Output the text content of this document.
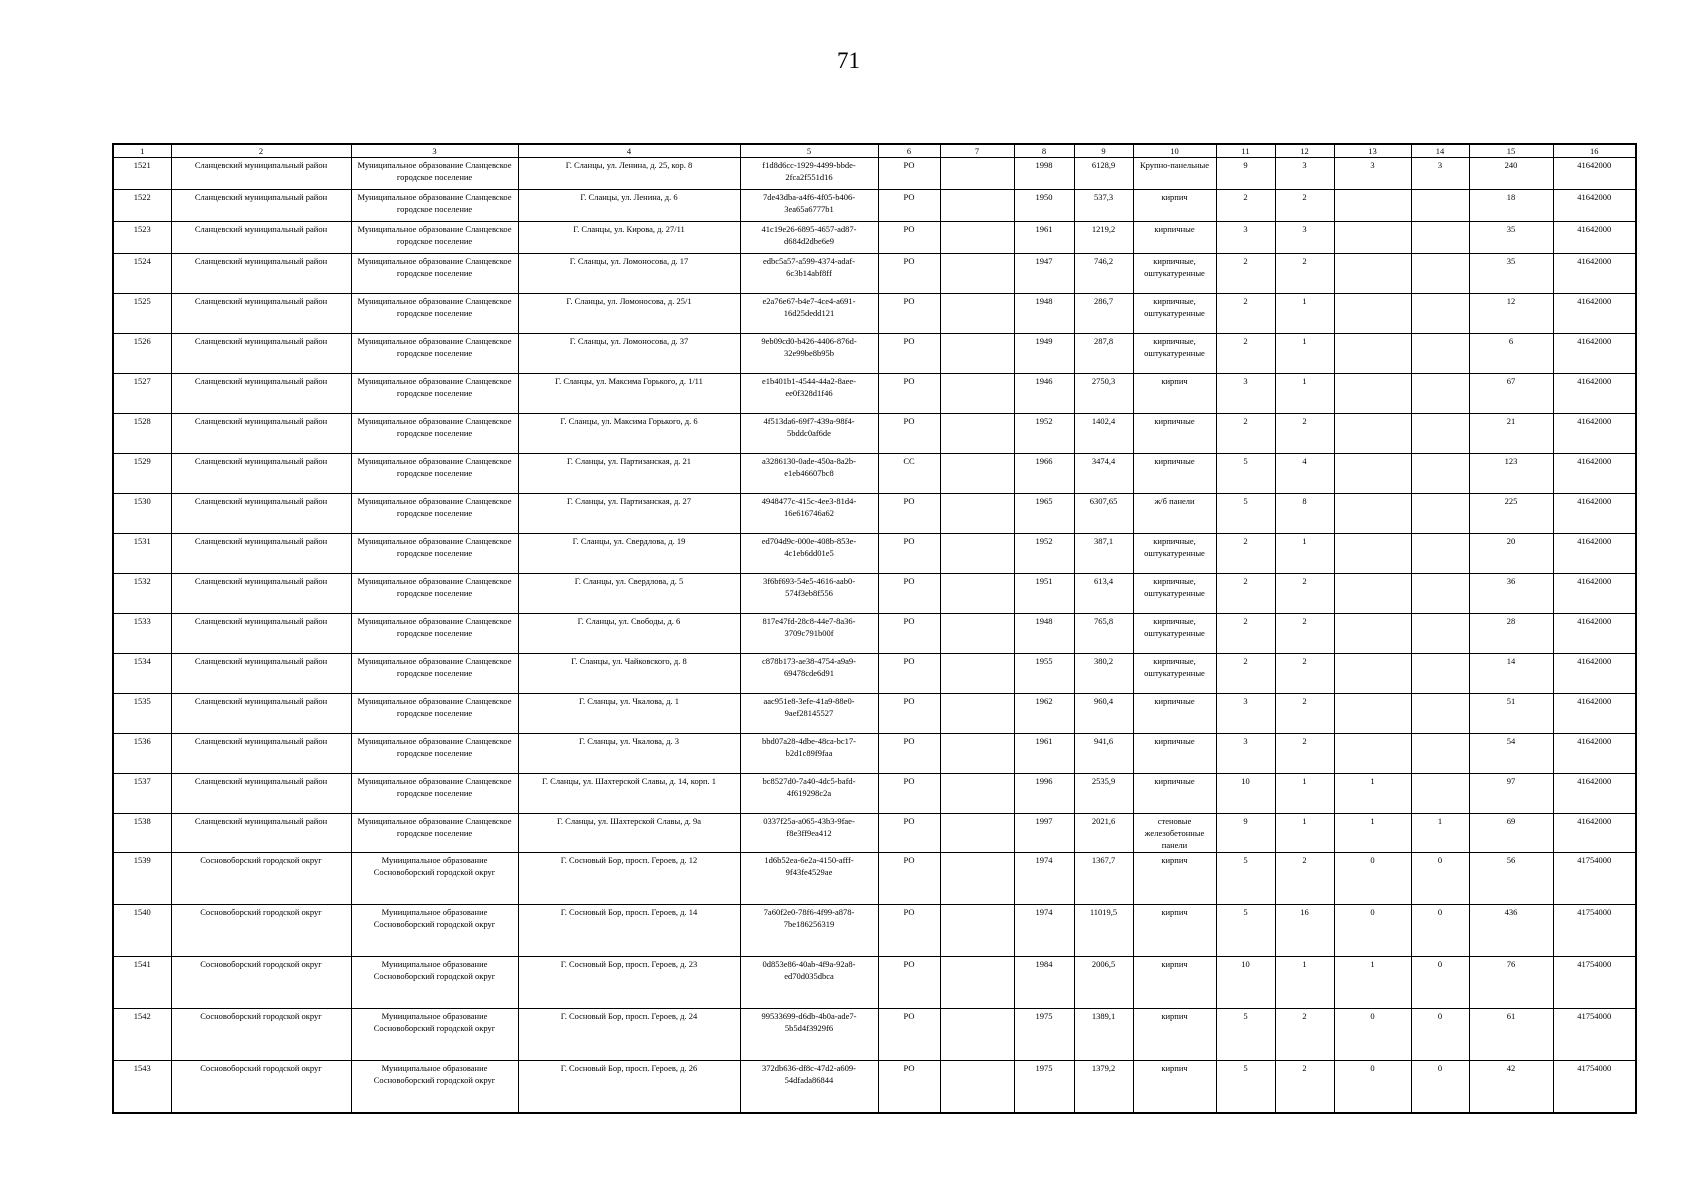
71
1	2	3	4	5	6	7	8	9	10	11	12	13	14	15	16
1521	Сланцевский муниципальный район	Муниципальное образование Сланцевское городское поселение	Г. Сланцы, ул. Ленина, д. 25, кор. 8	f1d8d6cc-1929-4499-bbde-2fca2f551d16	РО		1998	6128,9	Крупно-панельные	9	3	3	3	240	41642000
1522	Сланцевский муниципальный район	Муниципальное образование Сланцевское городское поселение	Г. Сланцы, ул. Ленина, д. 6	7de43dba-a4f6-4f05-b406-3ea65a6777b1	РО		1950	537,3	кирпич	2	2			18	41642000
1523	Сланцевский муниципальный район	Муниципальное образование Сланцевское городское поселение	Г. Сланцы, ул. Кирова, д. 27/11	41c19e26-6895-4657-ad87-d684d2dbe6e9	РО		1961	1219,2	кирпичные	3	3			35	41642000
1524	Сланцевский муниципальный район	Муниципальное образование Сланцевское городское поселение	Г. Сланцы, ул. Ломоносова, д. 17	edbc5a57-a599-4374-adaf-6c3b14abf8ff	РО		1947	746,2	кирпичные, оштукатуренные	2	2			35	41642000
1525	Сланцевский муниципальный район	Муниципальное образование Сланцевское городское поселение	Г. Сланцы, ул. Ломоносова, д. 25/1	e2a76e67-b4e7-4ce4-a691-16d25dedd121	РО		1948	286,7	кирпичные, оштукатуренные	2	1			12	41642000
1526	Сланцевский муниципальный район	Муниципальное образование Сланцевское городское поселение	Г. Сланцы, ул. Ломоносова, д. 37	9eb09cd0-b426-4406-876d-32e99be8b95b	РО		1949	287,8	кирпичные, оштукатуренные	2	1			6	41642000
1527	Сланцевский муниципальный район	Муниципальное образование Сланцевское городское поселение	Г. Сланцы, ул. Максима Горького, д. 1/11	e1b401b1-4544-44a2-8aee-ee0f328d1f46	РО		1946	2750,3	кирпич	3	1			67	41642000
1528	Сланцевский муниципальный район	Муниципальное образование Сланцевское городское поселение	Г. Сланцы, ул. Максима Горького, д. 6	4f513da6-69f7-439a-98f4-5bddc0af6de	РО		1952	1402,4	кирпичные	2	2			21	41642000
1529	Сланцевский муниципальный район	Муниципальное образование Сланцевское городское поселение	Г. Сланцы, ул. Партизанская, д. 21	a3286130-0ade-450a-8a2b-e1eb46607bc8	СС		1966	3474,4	кирпичные	5	4			123	41642000
1530	Сланцевский муниципальный район	Муниципальное образование Сланцевское городское поселение	Г. Сланцы, ул. Партизанская, д. 27	4948477c-415c-4ee3-81d4-16e616746a62	РО		1965	6307,65	ж/б панели	5	8			225	41642000
1531	Сланцевский муниципальный район	Муниципальное образование Сланцевское городское поселение	Г. Сланцы, ул. Свердлова, д. 19	ed704d9c-000e-408b-853e-4c1eb6dd01e5	РО		1952	387,1	кирпичные, оштукатуренные	2	1			20	41642000
1532	Сланцевский муниципальный район	Муниципальное образование Сланцевское городское поселение	Г. Сланцы, ул. Свердлова, д. 5	3f6bf693-54e5-4616-aab0-574f3eb8f556	РО		1951	613,4	кирпичные, оштукатуренные	2	2			36	41642000
1533	Сланцевский муниципальный район	Муниципальное образование Сланцевское городское поселение	Г. Сланцы, ул. Свободы, д. 6	817e47fd-28c8-44e7-8a36-3709c791b00f	РО		1948	765,8	кирпичные, оштукатуренные	2	2			28	41642000
1534	Сланцевский муниципальный район	Муниципальное образование Сланцевское городское поселение	Г. Сланцы, ул. Чайковского, д. 8	c878b173-ae38-4754-a9a9-69478cde6d91	РО		1955	380,2	кирпичные, оштукатуренные	2	2			14	41642000
1535	Сланцевский муниципальный район	Муниципальное образование Сланцевское городское поселение	Г. Сланцы, ул. Чкалова, д. 1	aac951e8-3efe-41a9-88e0-9aef28145527	РО		1962	960,4	кирпичные	3	2			51	41642000
1536	Сланцевский муниципальный район	Муниципальное образование Сланцевское городское поселение	Г. Сланцы, ул. Чкалова, д. 3	bbd07a28-4dbe-48ca-bc17-b2d1c89f9faa	РО		1961	941,6	кирпичные	3	2			54	41642000
1537	Сланцевский муниципальный район	Муниципальное образование Сланцевское городское поселение	Г. Сланцы, ул. Шахтерской Славы, д. 14, корп. 1	bc8527d0-7a40-4dc5-bafd-4f619298c2a	РО		1996	2535,9	кирпичные	10	1	1		97	41642000
1538	Сланцевский муниципальный район	Муниципальное образование Сланцевское городское поселение	Г. Сланцы, ул. Шахтерской Славы, д. 9а	0337f25a-a065-43b3-9fae-f8e3ff9ea412	РО		1997	2021,6	стеновые железобетонные панели	9	1	1	1	69	41642000
1539	Сосновоборский городской округ	Муниципальное образование Сосновоборский городской округ	Г. Сосновый Бор, просп. Героев, д. 12	1d6b52ea-6e2a-4150-afff-9f43fe4529ae	РО		1974	1367,7	кирпич	5	2	0	0	56	41754000
1540	Сосновоборский городской округ	Муниципальное образование Сосновоборский городской округ	Г. Сосновый Бор, просп. Героев, д. 14	7a60f2e0-78f6-4f99-a878-7be186256319	РО		1974	11019,5	кирпич	5	16	0	0	436	41754000
1541	Сосновоборский городской округ	Муниципальное образование Сосновоборский городской округ	Г. Сосновый Бор, просп. Героев, д. 23	0d853e86-40ab-4f9a-92a8-ed70d035dbca	РО		1984	2006,5	кирпич	10	1	1	0	76	41754000
1542	Сосновоборский городской округ	Муниципальное образование Сосновоборский городской округ	Г. Сосновый Бор, просп. Героев, д. 24	99533699-d6db-4b0a-ade7-5b5d4f3929f6	РО		1975	1389,1	кирпич	5	2	0	0	61	41754000
1543	Сосновоборский городской округ	Муниципальное образование Сосновоборский городской округ	Г. Сосновый Бор, просп. Героев, д. 26	372db636-df8c-47d2-a609-54dfada86844	РО		1975	1379,2	кирпич	5	2	0	0	42	41754000
